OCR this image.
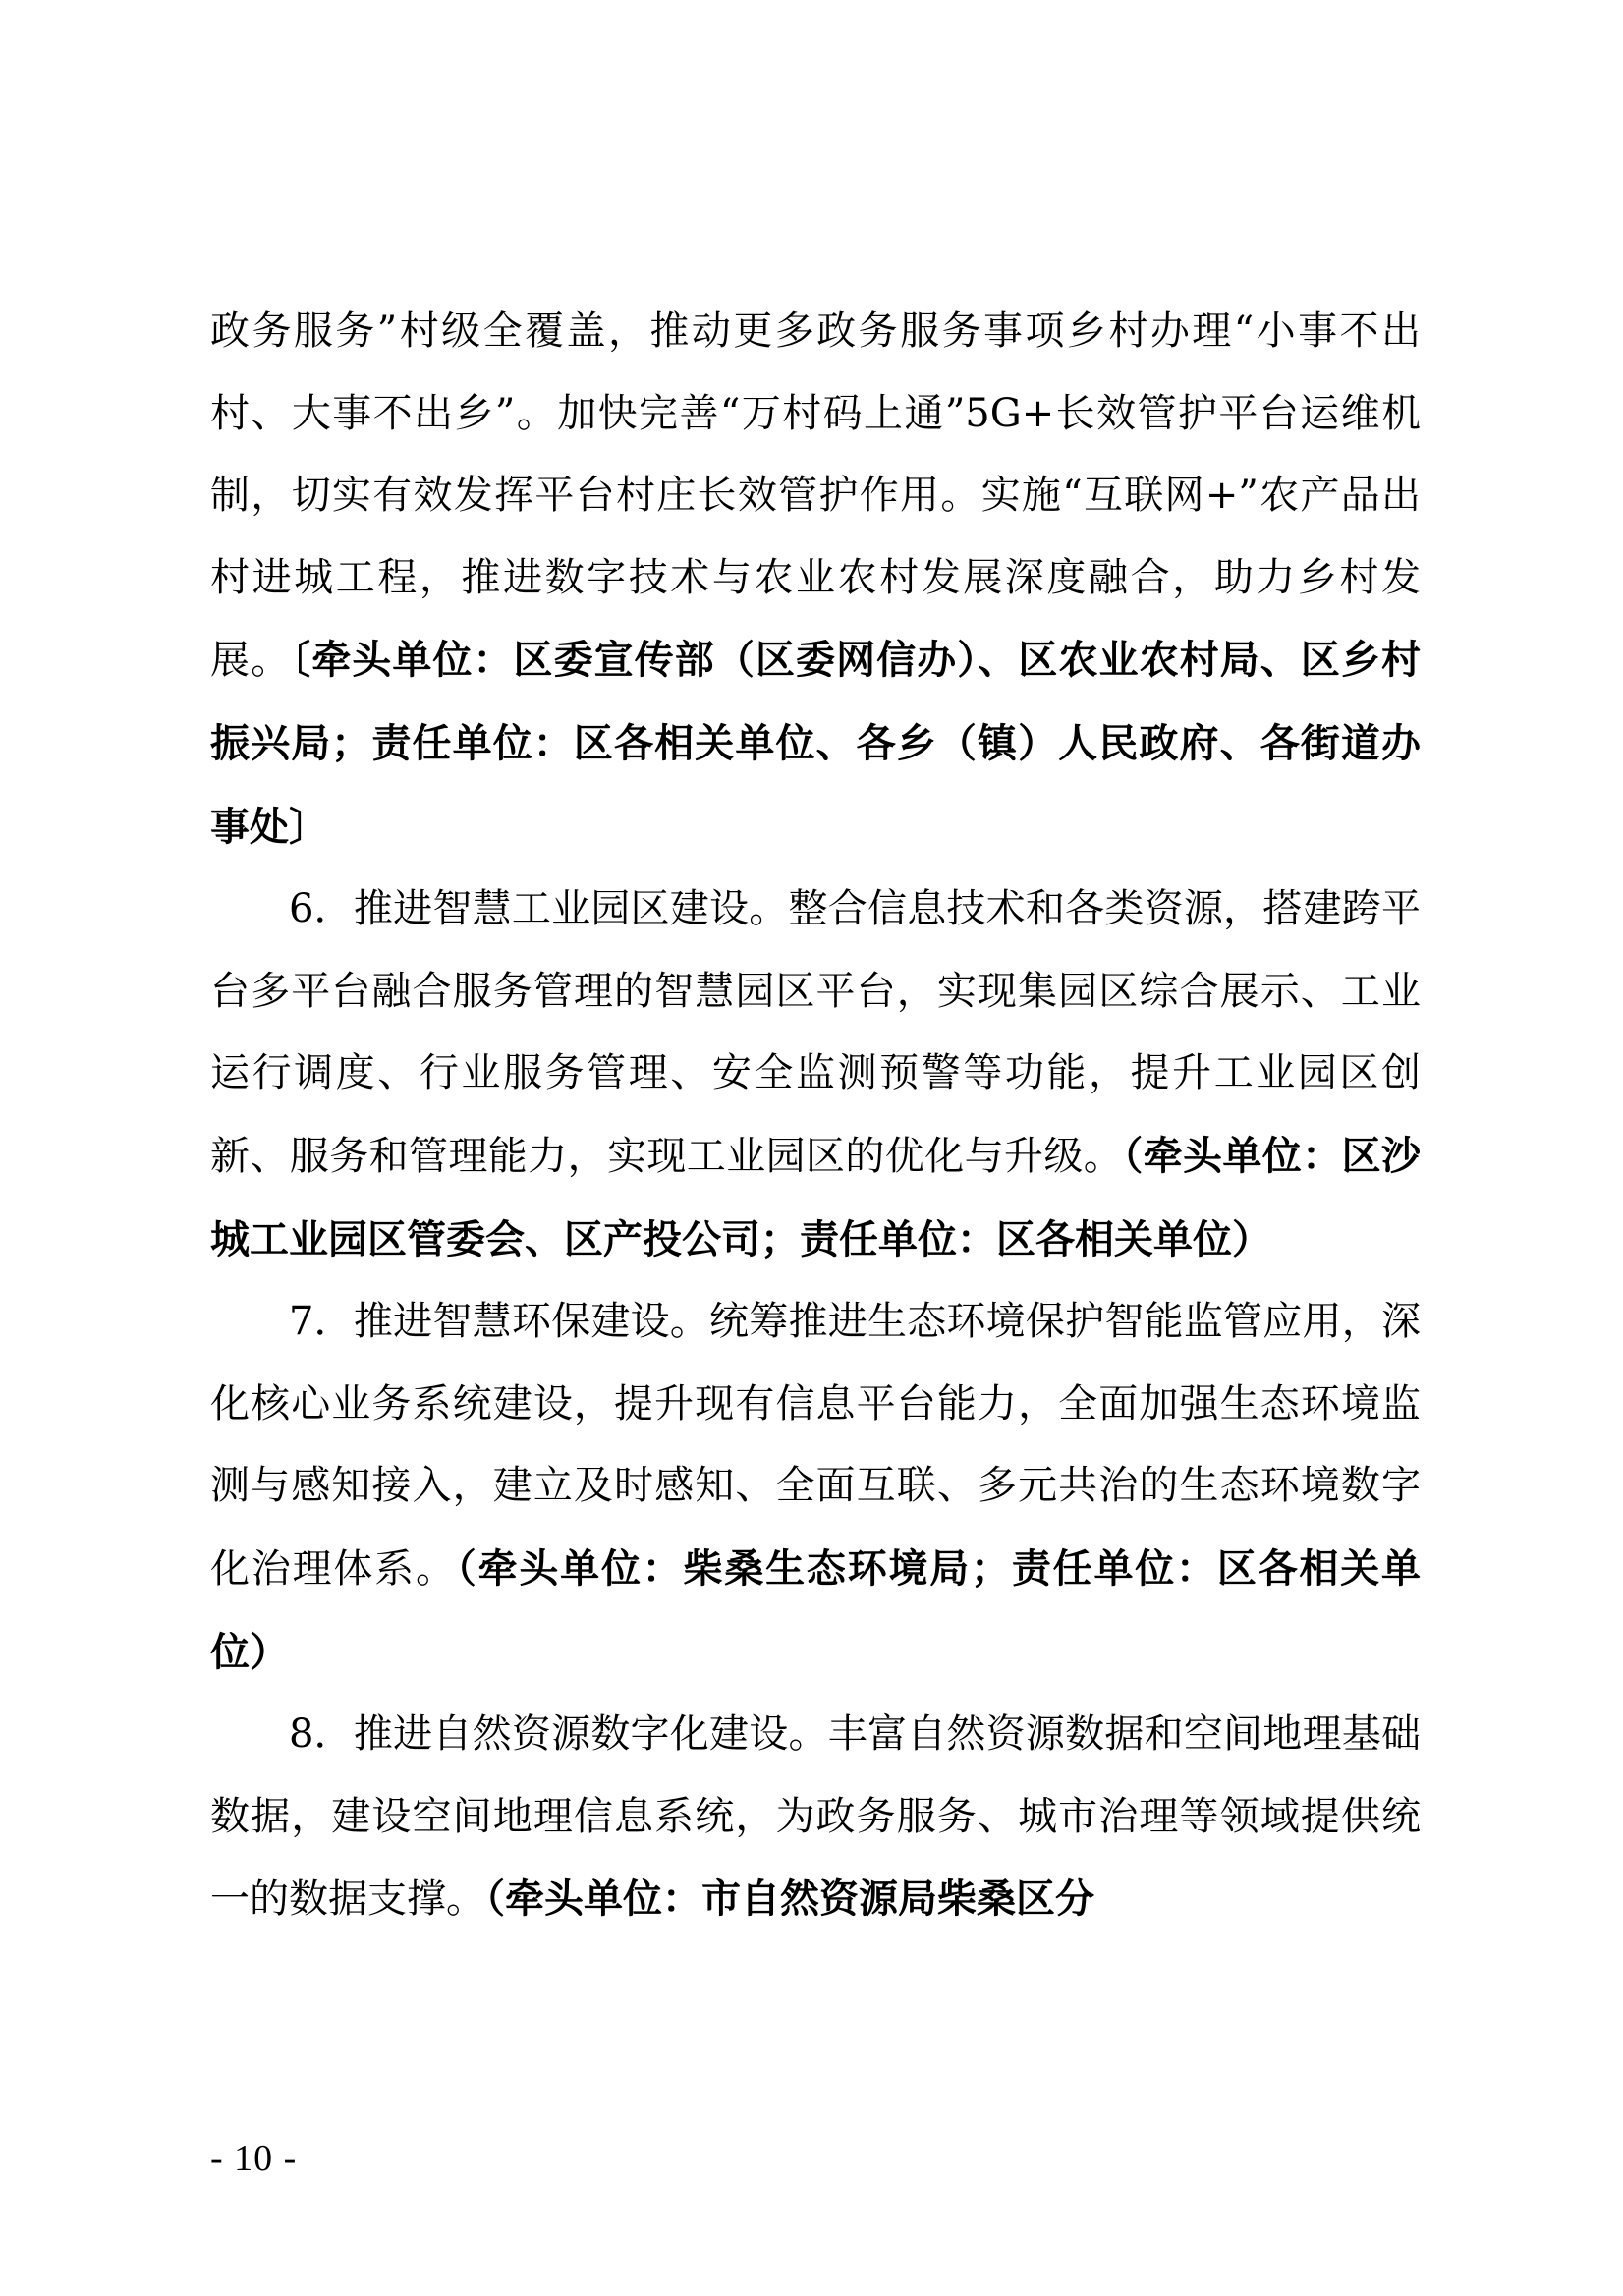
政务服务”村级全覆盖，推动更多政务服务事项乡村办理“小事不出村、大事不出乡”。加快完善“万村码上通”5G+长效管护平台运维机制，切实有效发挥平台村庄长效管护作用。实施“互联网+”农产品出村进城工程，推进数字技术与农业农村发展深度融合，助力乡村发展。〔牵头单位：区委宣传部（区委网信办）、区农业农村局、区乡村振兴局；责任单位：区各相关单位、各乡（镇）人民政府、各街道办事处〕

6．推进智慧工业园区建设。整合信息技术和各类资源，搭建跨平台多平台融合服务管理的智慧园区平台，实现集园区综合展示、工业运行调度、行业服务管理、安全监测预警等功能，提升工业园区创新、服务和管理能力，实现工业园区的优化与升级。（牵头单位：区沙城工业园区管委会、区产投公司；责任单位：区各相关单位）

7．推进智慧环保建设。统筹推进生态环境保护智能监管应用，深化核心业务系统建设，提升现有信息平台能力，全面加强生态环境监测与感知接入，建立及时感知、全面互联、多元共治的生态环境数字化治理体系。（牵头单位：柴桑生态环境局；责任单位：区各相关单位）

8．推进自然资源数字化建设。丰富自然资源数据和空间地理基础数据，建设空间地理信息系统，为政务服务、城市治理等领域提供统一的数据支撑。（牵头单位：市自然资源局柴桑区分

- 10 -
